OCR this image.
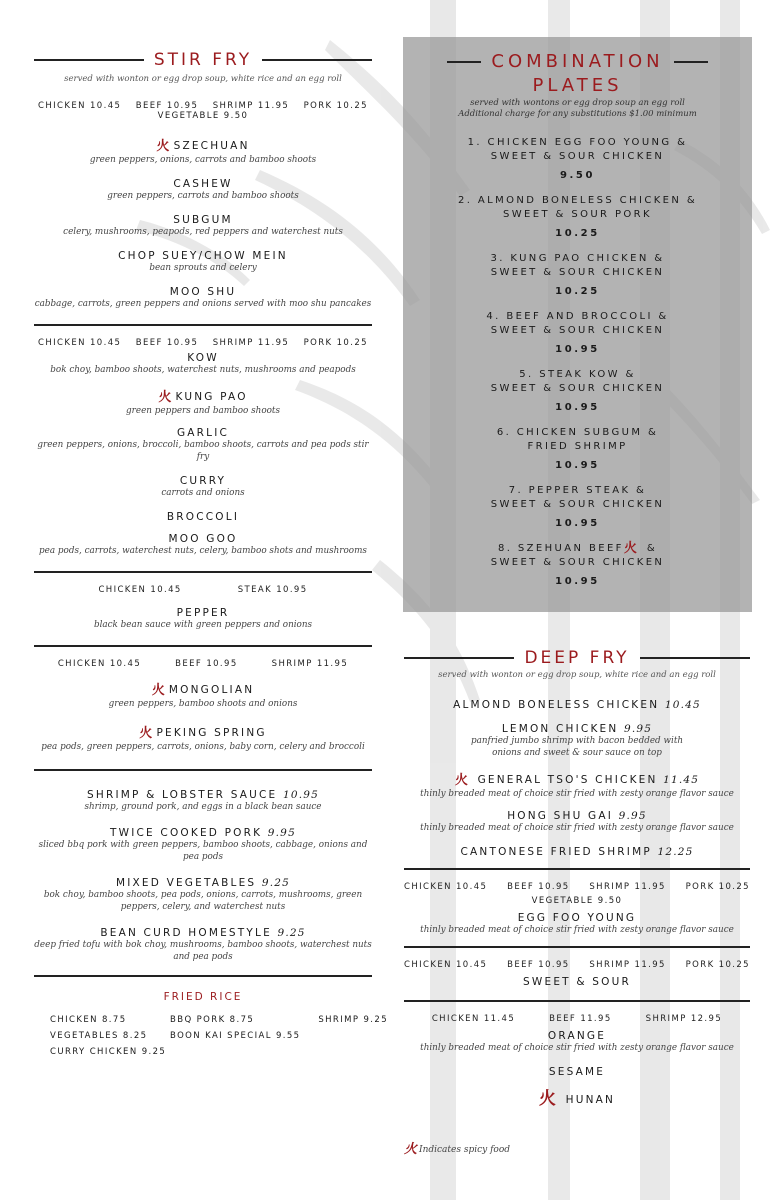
STIR FRY
served with wonton or egg drop soup, white rice and an egg roll
CHICKEN 10.45 BEEF 10.95 SHRIMP 11.95 PORK 10.25
VEGETABLE 9.50
火 SZECHUAN
green peppers, onions, carrots and bamboo shoots
CASHEW
green peppers, carrots and bamboo shoots
SUBGUM
celery, mushrooms, peapods, red peppers and waterchest nuts
CHOP SUEY/CHOW MEIN
bean sprouts and celery
MOO SHU
cabbage, carrots, green peppers and onions served with moo shu pancakes
CHICKEN 10.45 BEEF 10.95 SHRIMP 11.95 PORK 10.25
KOW
bok choy, bamboo shoots, waterchest nuts, mushrooms and peapods
火 KUNG PAO
green peppers and bamboo shoots
GARLIC
green peppers, onions, broccoli, bamboo shoots, carrots and pea pods stir fry
CURRY
carrots and onions
BROCCOLI
MOO GOO
pea pods, carrots, waterchest nuts, celery, bamboo shots and mushrooms
CHICKEN 10.45	STEAK 10.95
PEPPER
black bean sauce with green peppers and onions
CHICKEN 10.45	BEEF 10.95	SHRIMP 11.95
火 MONGOLIAN
green peppers, bamboo shoots and onions
火 PEKING SPRING
pea pods, green peppers, carrots, onions, baby corn, celery and broccoli
SHRIMP & LOBSTER SAUCE 10.95
shrimp, ground pork, and eggs in a black bean sauce
TWICE COOKED PORK 9.95
sliced bbq pork with green peppers, bamboo shoots, cabbage, onions and pea pods
MIXED VEGETABLES 9.25
bok choy, bamboo shoots, pea pods, onions, carrots, mushrooms, green peppers, celery, and waterchest nuts
BEAN CURD HOMESTYLE 9.25
deep fried tofu with bok choy, mushrooms, bamboo shoots, waterchest nuts and pea pods
FRIED RICE
CHICKEN 8.75	BBQ PORK 8.75	SHRIMP 9.25
VEGETABLES 8.25	BOON KAI SPECIAL 9.55
CURRY CHICKEN 9.25
COMBINATION
PLATES
served with wontons or egg drop soup an egg roll
Additional charge for any substitutions $1.00 minimum
1. CHICKEN EGG FOO YOUNG &
SWEET & SOUR CHICKEN
9.50
2. ALMOND BONELESS CHICKEN &
SWEET & SOUR PORK
10.25
3. KUNG PAO CHICKEN &
SWEET & SOUR CHICKEN
10.25
4. BEEF AND BROCCOLI &
SWEET & SOUR CHICKEN
10.95
5. STEAK KOW &
SWEET & SOUR CHICKEN
10.95
6. CHICKEN SUBGUM &
FRIED SHRIMP
10.95
7. PEPPER STEAK &
SWEET & SOUR CHICKEN
10.95
8. SZEHUAN BEEF火 &
SWEET & SOUR CHICKEN
10.95
DEEP FRY
served with wonton or egg drop soup, white rice and an egg roll
ALMOND BONELESS CHICKEN 10.45
LEMON CHICKEN 9.95
panfried jumbo shrimp with bacon bedded with onions and sweet & sour sauce on top
火 GENERAL TSO'S CHICKEN 11.45
thinly breaded meat of choice stir fried with zesty orange flavor sauce
HONG SHU GAI 9.95
thinly breaded meat of choice stir fried with zesty orange flavor sauce
CANTONESE FRIED SHRIMP 12.25
CHICKEN 10.45 BEEF 10.95 SHRIMP 11.95 PORK 10.25
VEGETABLE 9.50
EGG FOO YOUNG
thinly breaded meat of choice stir fried with zesty orange flavor sauce
CHICKEN 10.45 BEEF 10.95 SHRIMP 11.95 PORK 10.25
SWEET & SOUR
CHICKEN 11.45	BEEF 11.95	SHRIMP 12.95
ORANGE
thinly breaded meat of choice stir fried with zesty orange flavor sauce
SESAME
火 HUNAN
火 Indicates spicy food
